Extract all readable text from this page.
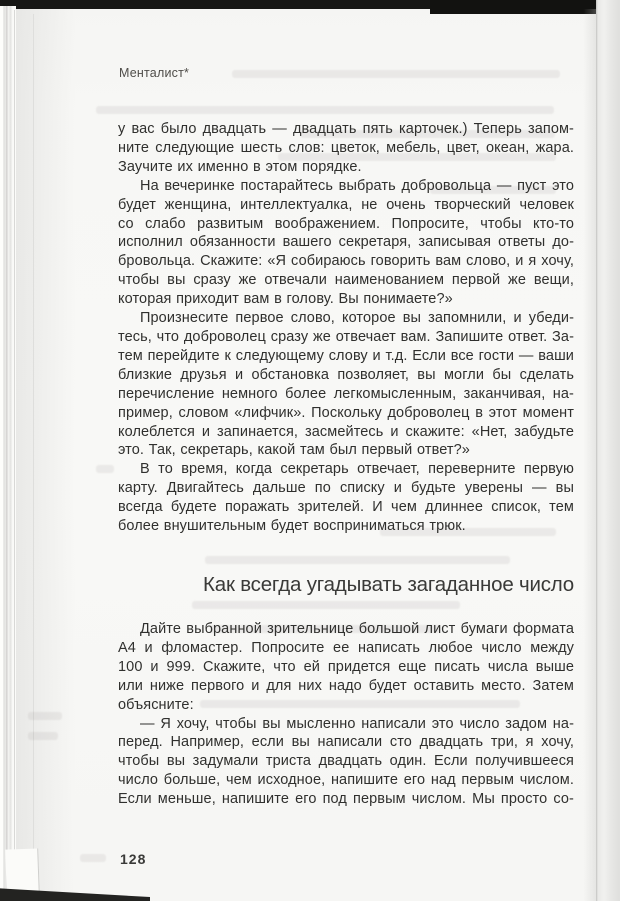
Менталист*
у вас было двадцать — двадцать пять карточек.) Теперь запом-
ните следующие шесть слов: цветок, мебель, цвет, океан, жара.
Заучите их именно в этом порядке.
На вечеринке постарайтесь выбрать добровольца — пуст это
будет женщина, интеллектуалка, не очень творческий человек
со слабо развитым воображением. Попросите, чтобы кто-то
исполнил обязанности вашего секретаря, записывая ответы до-
бровольца. Скажите: «Я собираюсь говорить вам слово, и я хочу,
чтобы вы сразу же отвечали наименованием первой же вещи,
которая приходит вам в голову. Вы понимаете?»
Произнесите первое слово, которое вы запомнили, и убеди-
тесь, что доброволец сразу же отвечает вам. Запишите ответ. За-
тем перейдите к следующему слову и т.д. Если все гости — ваши
близкие друзья и обстановка позволяет, вы могли бы сделать
перечисление немного более легкомысленным, заканчивая, на-
пример, словом «лифчик». Поскольку доброволец в этот момент
колеблется и запинается, засмейтесь и скажите: «Нет, забудьте
это. Так, секретарь, какой там был первый ответ?»
В то время, когда секретарь отвечает, переверните первую
карту. Двигайтесь дальше по списку и будьте уверены — вы
всегда будете поражать зрителей. И чем длиннее список, тем
более внушительным будет восприниматься трюк.
Как всегда угадывать загаданное число
Дайте выбранной зрительнице большой лист бумаги формата
А4 и фломастер. Попросите ее написать любое число между
100 и 999. Скажите, что ей придется еще писать числа выше
или ниже первого и для них надо будет оставить место. Затем
объясните:
— Я хочу, чтобы вы мысленно написали это число задом на-
перед. Например, если вы написали сто двадцать три, я хочу,
чтобы вы задумали триста двадцать один. Если получившееся
число больше, чем исходное, напишите его над первым числом.
Если меньше, напишите его под первым числом. Мы просто со-
128
